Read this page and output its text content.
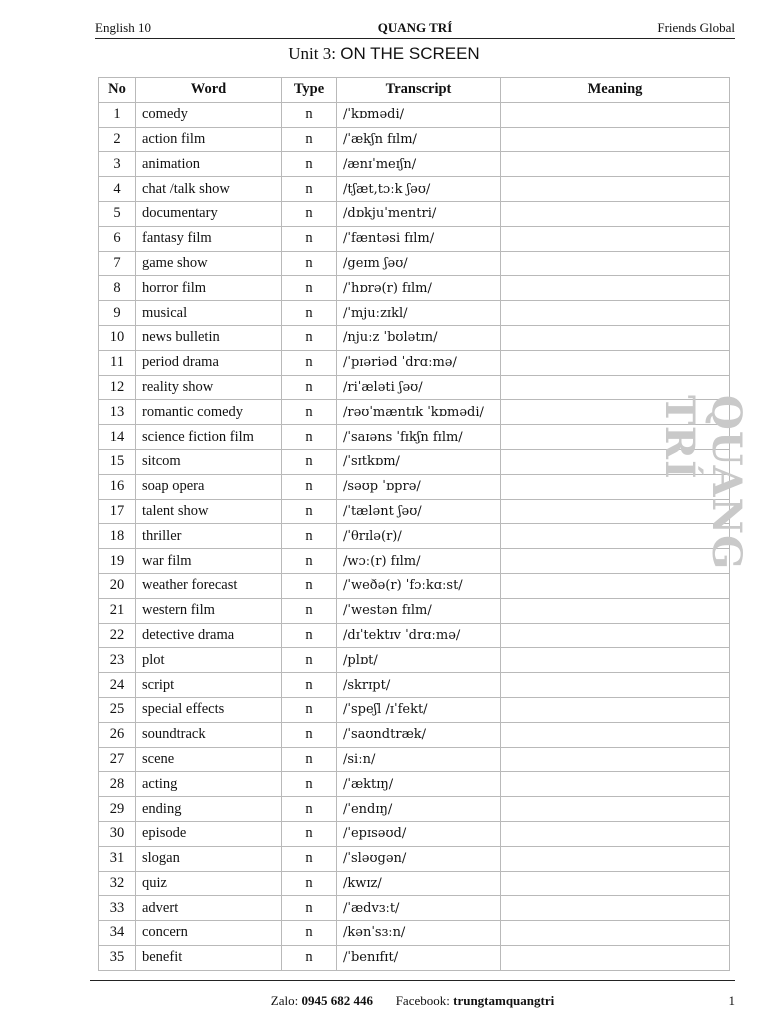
English 10	QUANG TRÍ	Friends Global
Unit 3: ON THE SCREEN
No	Word	Type	Transcript	Meaning
1	comedy	n	/ˈkɒmədi/	
2	action film	n	/ˈækʃn fɪlm/	
3	animation	n	/ænɪˈmeɪʃn/	
4	chat /talk show	n	/tʃæt,tɔːk ʃəʊ/	
5	documentary	n	/dɒkjuˈmentri/	
6	fantasy film	n	/ˈfæntəsi fɪlm/	
7	game show	n	/geɪm ʃəʊ/	
8	horror film	n	/ˈhɒrə(r) fɪlm/	
9	musical	n	/ˈmjuːzɪkl/	
10	news bulletin	n	/njuːz ˈbʊlətɪn/	
11	period drama	n	/ˈpɪəriəd ˈdrɑːmə/	
12	reality show	n	/riˈæləti ʃəʊ/	
13	romantic comedy	n	/rəʊˈmæntɪk ˈkɒmədi/	
14	science fiction film	n	/ˈsaɪəns ˈfɪkʃn fɪlm/	
15	sitcom	n	/ˈsɪtkɒm/	
16	soap opera	n	/səʊp ˈɒprə/	
17	talent show	n	/ˈtælənt ʃəʊ/	
18	thriller	n	/ˈθrɪlə(r)/	
19	war film	n	/wɔː(r) fɪlm/	
20	weather forecast	n	/ˈweðə(r) ˈfɔːkɑːst/	
21	western film	n	/ˈwestən fɪlm/	
22	detective drama	n	/dɪˈtektɪv ˈdrɑːmə/	
23	plot	n	/plɒt/	
24	script	n	/skrɪpt/	
25	special effects	n	/ˈspeʃl /ɪˈfekt/	
26	soundtrack	n	/ˈsaʊndtræk/	
27	scene	n	/siːn/	
28	acting	n	/ˈæktɪŋ/	
29	ending	n	/ˈendɪŋ/	
30	episode	n	/ˈepɪsəʊd/	
31	slogan	n	/ˈsləʊgən/	
32	quiz	n	/kwɪz/	
33	advert	n	/ˈædvɜːt/	
34	concern	n	/kənˈsɜːn/	
35	benefit	n	/ˈbenɪfɪt/	
QUANG TRÍ
Zalo: 0945 682 446 Facebook: trungtamquangtri	1
